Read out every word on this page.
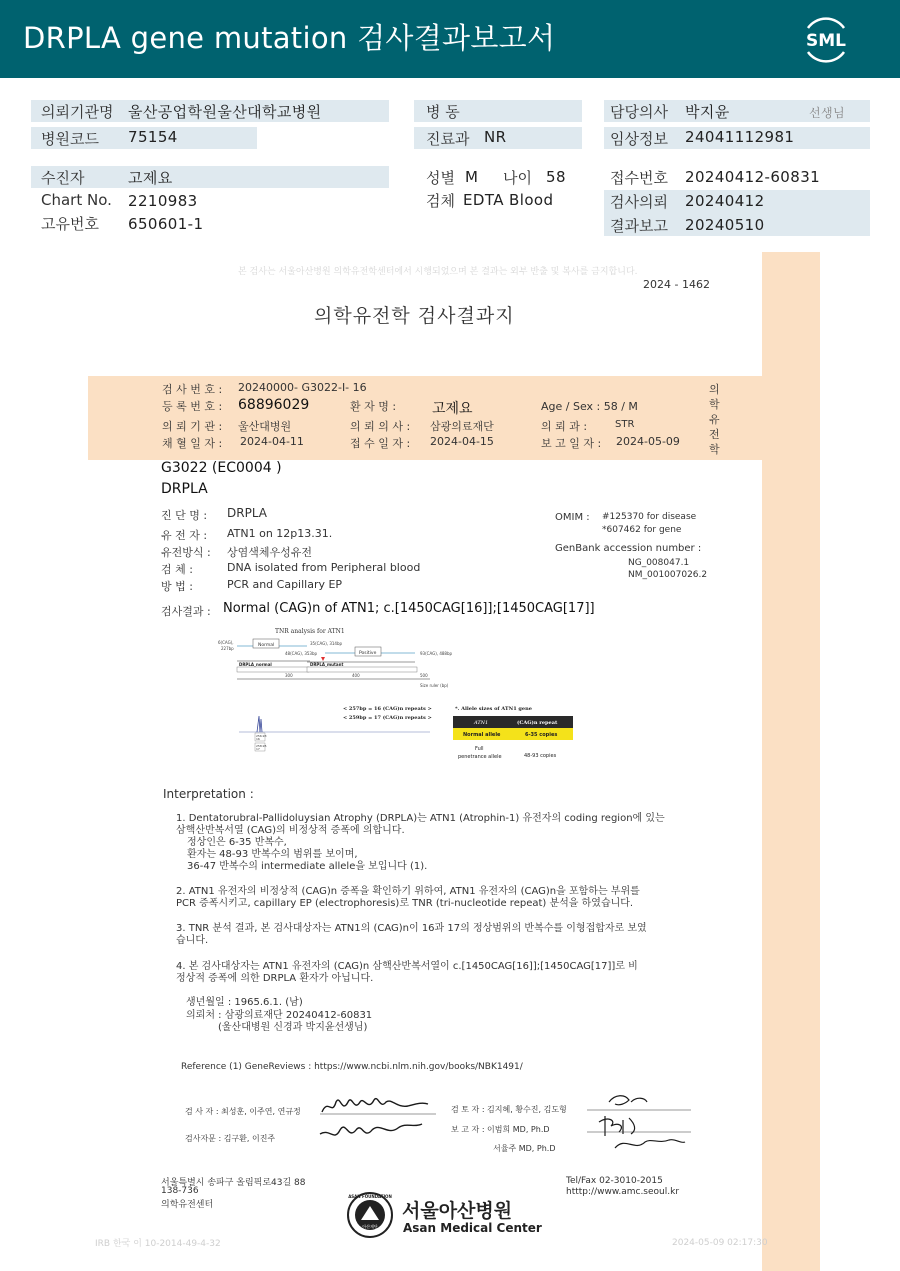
DRPLA gene mutation 검사결과보고서	SML
의뢰기관명 울산공업학원울산대학교병원
병원코드 75154
병 동
진료과 NR
담당의사 박지윤	선생님
임상정보 24041112981
수진자	고제요
Chart No. 2210983
고유번호 650601-1
성별 M 나이 58
검체 EDTA Blood
접수번호 20240412-60831
검사의뢰 20240412
결과보고 20240510
본 검사는 서울아산병원 의학유전학센터에서 시행되었으며 본 결과는 외부 반출 및 복사를 금지합니다.
2024 - 1462
의학유전학 검사결과지
검 사 번 호 : 20240000- G3022-I- 16
등 록 번 호 : 68896029	환 자 명 :	고제요	Age / Sex : 58 / M
의 뢰 기 관 : 울산대병원	의 뢰 의 사 : 삼광의료재단	의 뢰 과 :	STR
채 혈 일 자 : 2024-04-11	접 수 일 자 : 2024-04-15	보 고 일 자 : 2024-05-09
의
학
유
전
학
G3022 (EC0004 )
DRPLA
진 단 명 : DRPLA
유 전 자 : ATN1 on 12p13.31.
유전방식 : 상염색체우성유전
검 체 :	DNA isolated from Peripheral blood
방 법 :	PCR and Capillary EP
OMIM : #125370 for disease
*607462 for gene
GenBank accession number :
NG_008047.1
NM_001007026.2
검사결과 : Normal (CAG)n of ATN1; c.[1450CAG[16]];[1450CAG[17]]
TNR analysis for ATN1
6(CAG),
227bp
Normal	35(CAG), 314bp
48(CAG), 353bp	Positive	93(CAG), 488bp
DRPLA_normal	DRPLA_mutant
300	400	500
Size ruler (bp)
< 257bp = 16 (CAG)n repeats >
< 259bp = 17 (CAG)n repeats >
256.93
16
258.95
17
*. Allele sizes of ATN1 gene
ATN1	(CAG)n repeat
Normal allele	6-35 copies
Full
penetrance allele	48-93 copies
Interpretation :
1. Dentatorubral-Pallidoluysian Atrophy (DRPLA)는 ATN1 (Atrophin-1) 유전자의 coding region에 있는
삼핵산반복서열 (CAG)의 비정상적 증폭에 의합니다.
정상인은 6-35 반복수,
환자는 48-93 반복수의 범위를 보이며,
36-47 반복수의 intermediate allele을 보입니다 (1).
2. ATN1 유전자의 비정상적 (CAG)n 증폭을 확인하기 위하여, ATN1 유전자의 (CAG)n을 포함하는 부위를
PCR 증폭시키고, capillary EP (electrophoresis)로 TNR (tri-nucleotide repeat) 분석을 하였습니다.
3. TNR 분석 결과, 본 검사대상자는 ATN1의 (CAG)n이 16과 17의 정상범위의 반복수를 이형접합자로 보였
습니다.
4. 본 검사대상자는 ATN1 유전자의 (CAG)n 삼핵산반복서열이 c.[1450CAG[16]];[1450CAG[17]]로 비
정상적 증폭에 의한 DRPLA 환자가 아닙니다.
생년월일 : 1965.6.1. (남)
의뢰처 : 삼광의료재단 20240412-60831
(울산대병원 신경과 박지윤선생님)
Reference (1) GeneReviews : https://www.ncbi.nlm.nih.gov/books/NBK1491/
검 사 자 : 최성훈, 이주연, 연규정
검사자문 : 김구환, 이진주
검 토 자 : 김지혜, 황수진, 김도형
보 고 자 : 이범희 MD, Ph.D
서율주 MD, Ph.D
서울특별시 송파구 올림픽로43길 88
138-736
의학유전센터
Tel/Fax 02-3010-2015
htttp://www.amc.seoul.kr
ASAN FOUNDATION
아산재단
서울아산병원
Asan Medical Center
IRB 한국 이 10-2014-49-4-32	2024-05-09 02:17:30
